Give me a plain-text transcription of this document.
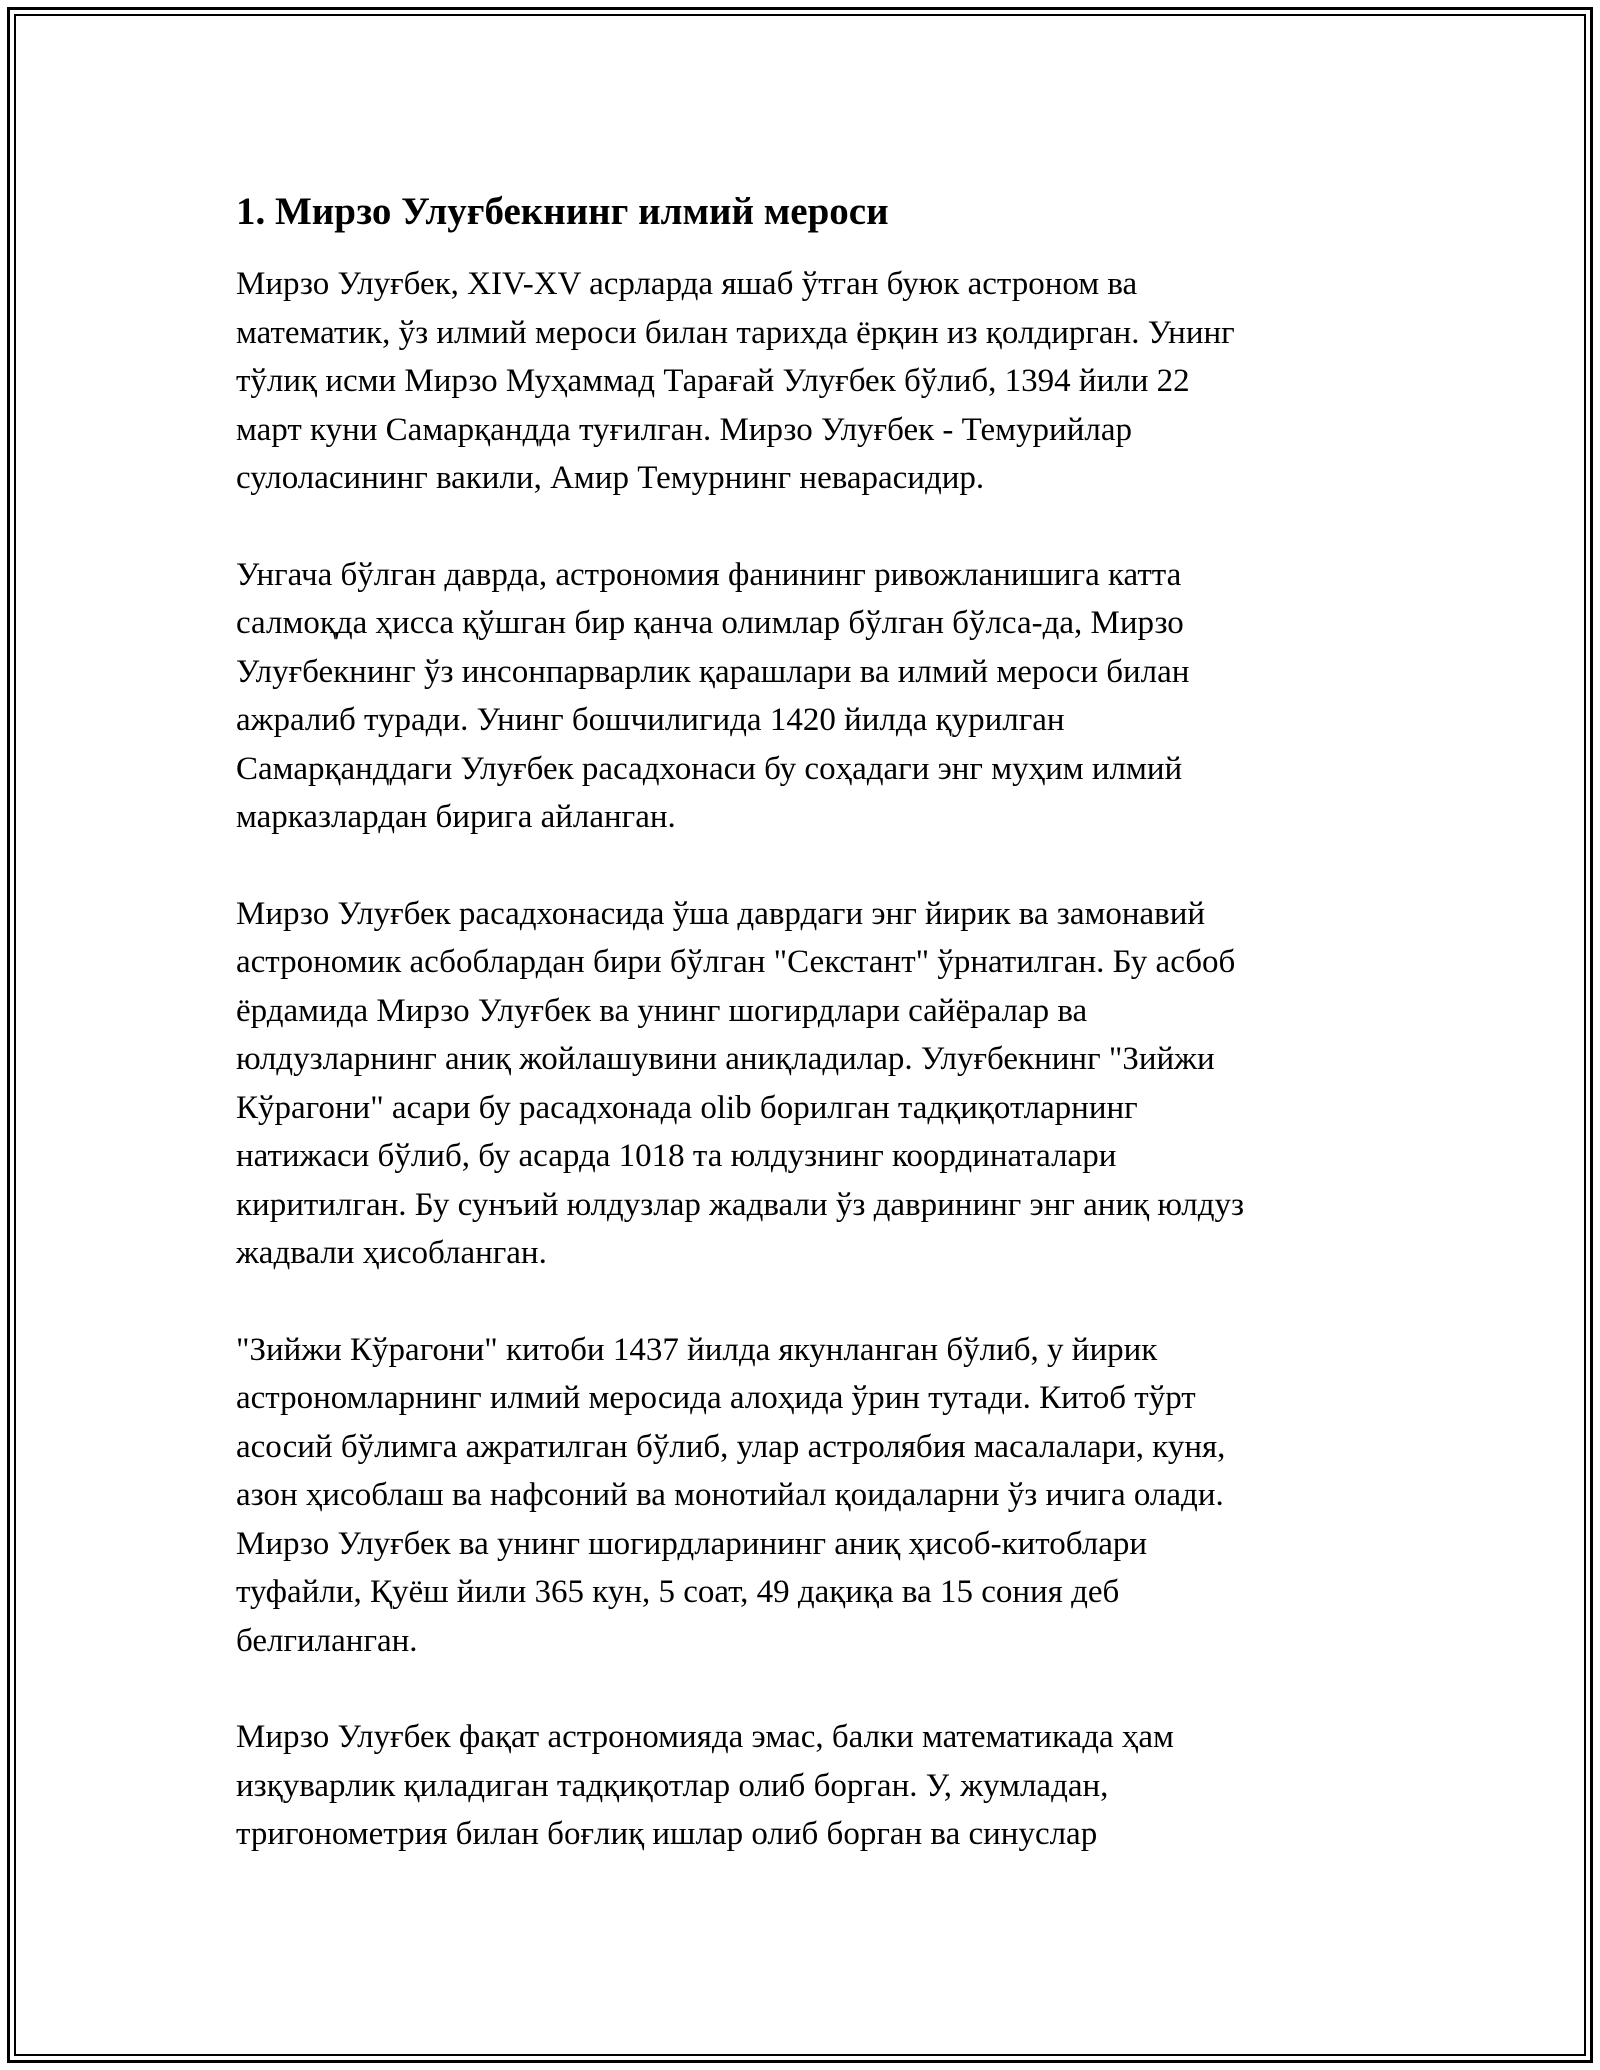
1. Мирзо Улуғбекнинг илмий мероси

Мирзо Улуғбек, XIV-XV асрларда яшаб ўтган буюк астроном ва
математик, ўз илмий мероси билан тарихда ёрқин из қолдирган. Унинг
тўлиқ исми Мирзо Муҳаммад Тарағай Улуғбек бўлиб, 1394 йили 22
март куни Самарқандда туғилган. Мирзо Улуғбек - Темурийлар
сулоласининг вакили, Амир Темурнинг неварасидир.

Унгача бўлган даврда, астрономия фанининг ривожланишига катта
салмоқда ҳисса қўшган бир қанча олимлар бўлган бўлса-да, Мирзо
Улуғбекнинг ўз инсонпарварлик қарашлари ва илмий мероси билан
ажралиб туради. Унинг бошчилигида 1420 йилда қурилган
Самарқанддаги Улуғбек расадхонаси бу соҳадаги энг муҳим илмий
марказлардан бирига айланган.

Мирзо Улуғбек расадхонасида ўша даврдаги энг йирик ва замонавий
астрономик асбоблардан бири бўлган "Секстант" ўрнатилган. Бу асбоб
ёрдамида Мирзо Улуғбек ва унинг шогирдлари сайёралар ва
юлдузларнинг аниқ жойлашувини аниқладилар. Улуғбекнинг "Зийжи
Кўрагони" асари бу расадхонада olib борилган тадқиқотларнинг
натижаси бўлиб, бу асарда 1018 та юлдузнинг координаталари
киритилган. Бу сунъий юлдузлар жадвали ўз даврининг энг аниқ юлдуз
жадвали ҳисобланган.

"Зийжи Кўрагони" китоби 1437 йилда якунланган бўлиб, у йирик
астрономларнинг илмий меросида алоҳида ўрин тутади. Китоб тўрт
асосий бўлимга ажратилган бўлиб, улар астролябия масалалари, куня,
азон ҳисоблаш ва нафсоний ва монотийал қоидаларни ўз ичига олади.
Мирзо Улуғбек ва унинг шогирдларининг аниқ ҳисоб-китоблари
туфайли, Қуёш йили 365 кун, 5 соат, 49 дақиқа ва 15 сония деб
белгиланган.

Мирзо Улуғбек фақат астрономияда эмас, балки математикада ҳам
изқуварлик қиладиган тадқиқотлар олиб борган. У, жумладан,
тригонометрия билан боғлиқ ишлар олиб борган ва синуслар
